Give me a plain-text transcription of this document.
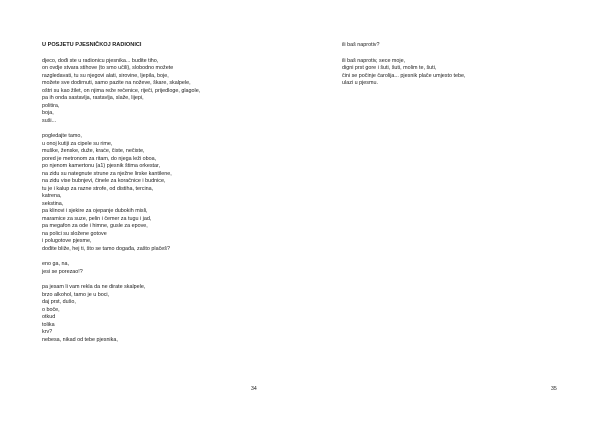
U POSJETU PJESNIČKOJ RADIONICI
djeco, dođi ste u radionicu pjesnika... budite tiho,
on ovdje stvara stihove (to smo učili), slobodno možete
razgledavati, tu su njegovi alati, sirovine, ljepila, boje,
možete sve dodirnuti, samo pazite na noževe, škare, skalpele,
oštri su kao žilet, on njima reže rečenice, riječi, prijedloge, glagole,
pa ih onda sastavlja, rastavlja, slaže, lijepi,
politira,
boja,
suši...
pogledajte tamo,
u onoj kutiji za cipele su rime,
muške, ženske, duže, kraće, čiste, nečiste,
pored je metronom za ritam, do njega leži oboa,
po njenom kamertonu (a1) pjesnik štima orkestar,
na zidu su nategnute strune za nježne lirske kantilene,
na zidu vise bubnjevi, činele za koračnice i budnice,
tu je i kalup za razne strofe, od distiha, tercina,
katrena,
sekstina,
pa klinovi i sjekire za ojepanje dubokih misli,
maramice za suze, pelin i čemer za tugu i jad,
pa megafon za ode i himne, gusle za epove,
na polici su složene gotove
i polugotove pjesme,
dođite bliže, hej ti, što se tamo događa, zašto plačeš?
eno ga, na,
jesi se porezao!?
pa jesam li vam rekla da ne dirate skalpele,
brzo alkohol, tamo je u boci,
daj prst, dušo,
o boče,
otkud
tolika
krv?
nebesa, nikad od tebe pjesnika,
34
ili baš naprotiv?
ili baš naprotiv, sece moje,
digni prst gore i šuti, šuti, molim te, šuti,
čini se počinje čarolija... pjesnik plače umjesto tebe,
ulazi u pjesmu.
35
